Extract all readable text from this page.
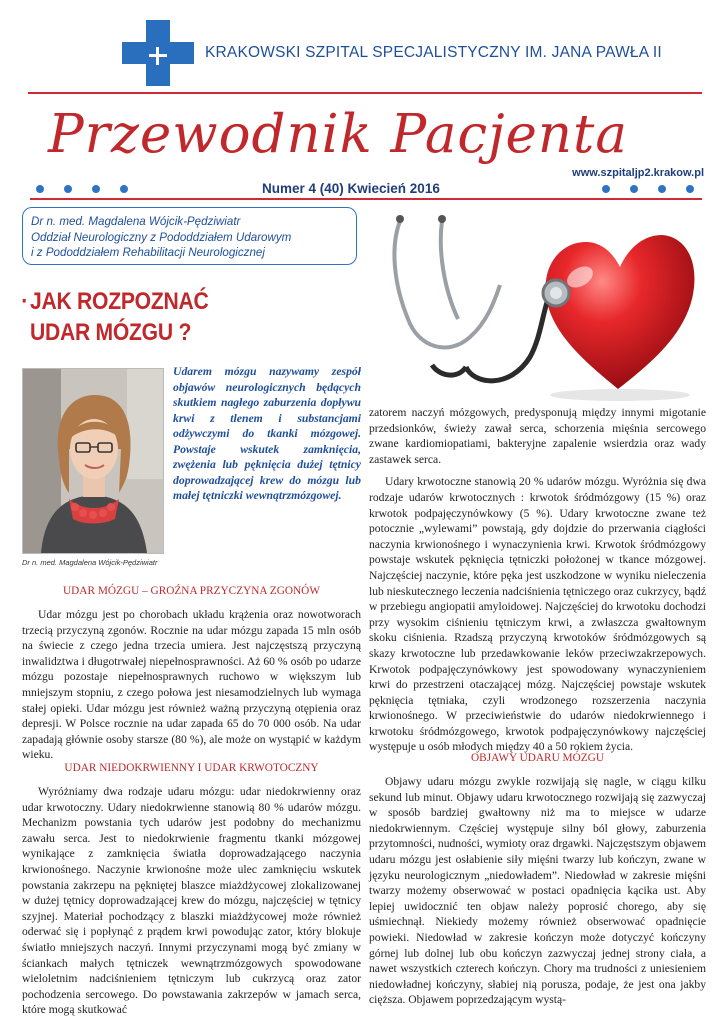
KRAKOWSKI SZPITAL SPECJALISTYCZNY IM. JANA PAWŁA II
Przewodnik Pacjenta
www.szpitaljp2.krakow.pl
Numer 4 (40) Kwiecień 2016
Dr n. med. Magdalena Wójcik-Pędziwiatr
Oddział Neurologiczny z Pododdziałem Udarowym
i z Pododdziałem Rehabilitacji Neurologicznej
· JAK ROZPOZNAĆ
UDAR MÓZGU ?
Dr n. med. Magdalena Wójcik-Pędziwiatr
Udarem mózgu nazywamy zespół objawów neurologicznych będących skutkiem nagłego zaburzenia dopływu krwi z tlenem i substancjami odżywczymi do tkanki mózgowej. Powstaje wskutek zamknięcia, zwężenia lub pęknięcia dużej tętnicy doprowadzającej krew do mózgu lub małej tętniczki wewnątrzmózgowej.
UDAR MÓZGU – GROŹNA PRZYCZYNA ZGONÓW

Udar mózgu jest po chorobach układu krążenia oraz nowotworach trzecią przyczyną zgonów. Rocznie na udar mózgu zapada 15 mln osób na świecie z czego jedna trzecia umiera. Jest najczęstszą przyczyną inwalidztwa i długotrwałej niepełnosprawności. Aż 60 % osób po udarze mózgu pozostaje niepełnosprawnych ruchowo w większym lub mniejszym stopniu, z czego połowa jest niesamodzielnych lub wymaga stałej opieki. Udar mózgu jest również ważną przyczyną otępienia oraz depresji. W Polsce rocznie na udar zapada 65 do 70 000 osób. Na udar zapadają głównie osoby starsze (80 %), ale może on wystąpić w każdym wieku.

UDAR NIEDOKRWIENNY I UDAR KRWOTOCZNY

Wyróżniamy dwa rodzaje udaru mózgu: udar niedokrwienny oraz udar krwotoczny. Udary niedokrwienne stanowią 80 % udarów mózgu. Mechanizm powstania tych udarów jest podobny do mechanizmu zawału serca. Jest to niedokrwienie fragmentu tkanki mózgowej wynikające z zamknięcia światła doprowadzającego naczynia krwionośnego. Naczynie krwionośne może ulec zamknięciu wskutek powstania zakrzepu na pękniętej blaszce miażdżycowej zlokalizowanej w dużej tętnicy doprowadzającej krew do mózgu, najczęściej w tętnicy szyjnej. Materiał pochodzący z blaszki miażdżycowej może również oderwać się i popłynąć z prądem krwi powodując zator, który blokuje światło mniejszych naczyń. Innymi przyczynami mogą być zmiany w ściankach małych tętniczek wewnątrzmózgowych spowodowane wieloletnim nadciśnieniem tętniczym lub cukrzycą oraz zator pochodzenia sercowego. Do powstawania zakrzepów w jamach serca, które mogą skutkować

zatorem naczyń mózgowych, predysponują między innymi migotanie przedsionków, świeży zawał serca, schorzenia mięśnia sercowego zwane kardiomiopatiami, bakteryjne zapalenie wsierdzia oraz wady zastawek serca.

Udary krwotoczne stanowią 20 % udarów mózgu. Wyróżnia się dwa rodzaje udarów krwotocznych : krwotok śródmózgowy (15 %) oraz krwotok podpajęczynówkowy (5 %). Udary krwotoczne zwane też potocznie „wylewami” powstają, gdy dojdzie do przerwania ciągłości naczynia krwionośnego i wynaczynienia krwi. Krwotok śródmózgowy powstaje wskutek pęknięcia tętniczki położonej w tkance mózgowej. Najczęściej naczynie, które pęka jest uszkodzone w wyniku nieleczenia lub nieskutecznego leczenia nadciśnienia tętniczego oraz cukrzycy, bądź w przebiegu angiopatii amyloidowej. Najczęściej do krwotoku dochodzi przy wysokim ciśnieniu tętniczym krwi, a zwłaszcza gwałtownym skoku ciśnienia. Rzadszą przyczyną krwotoków śródmózgowych są skazy krwotoczne lub przedawkowanie leków przeciwzakrzepowych. Krwotok podpajęczynówkowy jest spowodowany wynaczynieniem krwi do przestrzeni otaczającej mózg. Najczęściej powstaje wskutek pęknięcia tętniaka, czyli wrodzonego rozszerzenia naczynia krwionośnego. W przeciwieństwie do udarów niedokrwiennego i krwotoku śródmózgowego, krwotok podpajęczynówkowy najczęściej występuje u osób młodych między 40 a 50 rokiem życia.

OBJAWY UDARU MÓZGU

Objawy udaru mózgu zwykle rozwijają się nagle, w ciągu kilku sekund lub minut. Objawy udaru krwotocznego rozwijają się zazwyczaj w sposób bardziej gwałtowny niż ma to miejsce w udarze niedokrwiennym. Częściej występuje silny ból głowy, zaburzenia przytomności, nudności, wymioty oraz drgawki. Najczęstszym objawem udaru mózgu jest osłabienie siły mięśni twarzy lub kończyn, zwane w języku neurologicznym „niedowładem”. Niedowład w zakresie mięśni twarzy możemy obserwować w postaci opadnięcia kącika ust. Aby lepiej uwidocznić ten objaw należy poprosić chorego, aby się uśmiechnął. Niekiedy możemy również obserwować opadnięcie powieki. Niedowład w zakresie kończyn może dotyczyć kończyny górnej lub dolnej lub obu kończyn zazwyczaj jednej strony ciała, a nawet wszystkich czterech kończyn. Chory ma trudności z uniesieniem niedowładnej kończyny, słabiej nią porusza, podaje, że jest ona jakby cięższa. Objawem poprzedzającym wystą-
